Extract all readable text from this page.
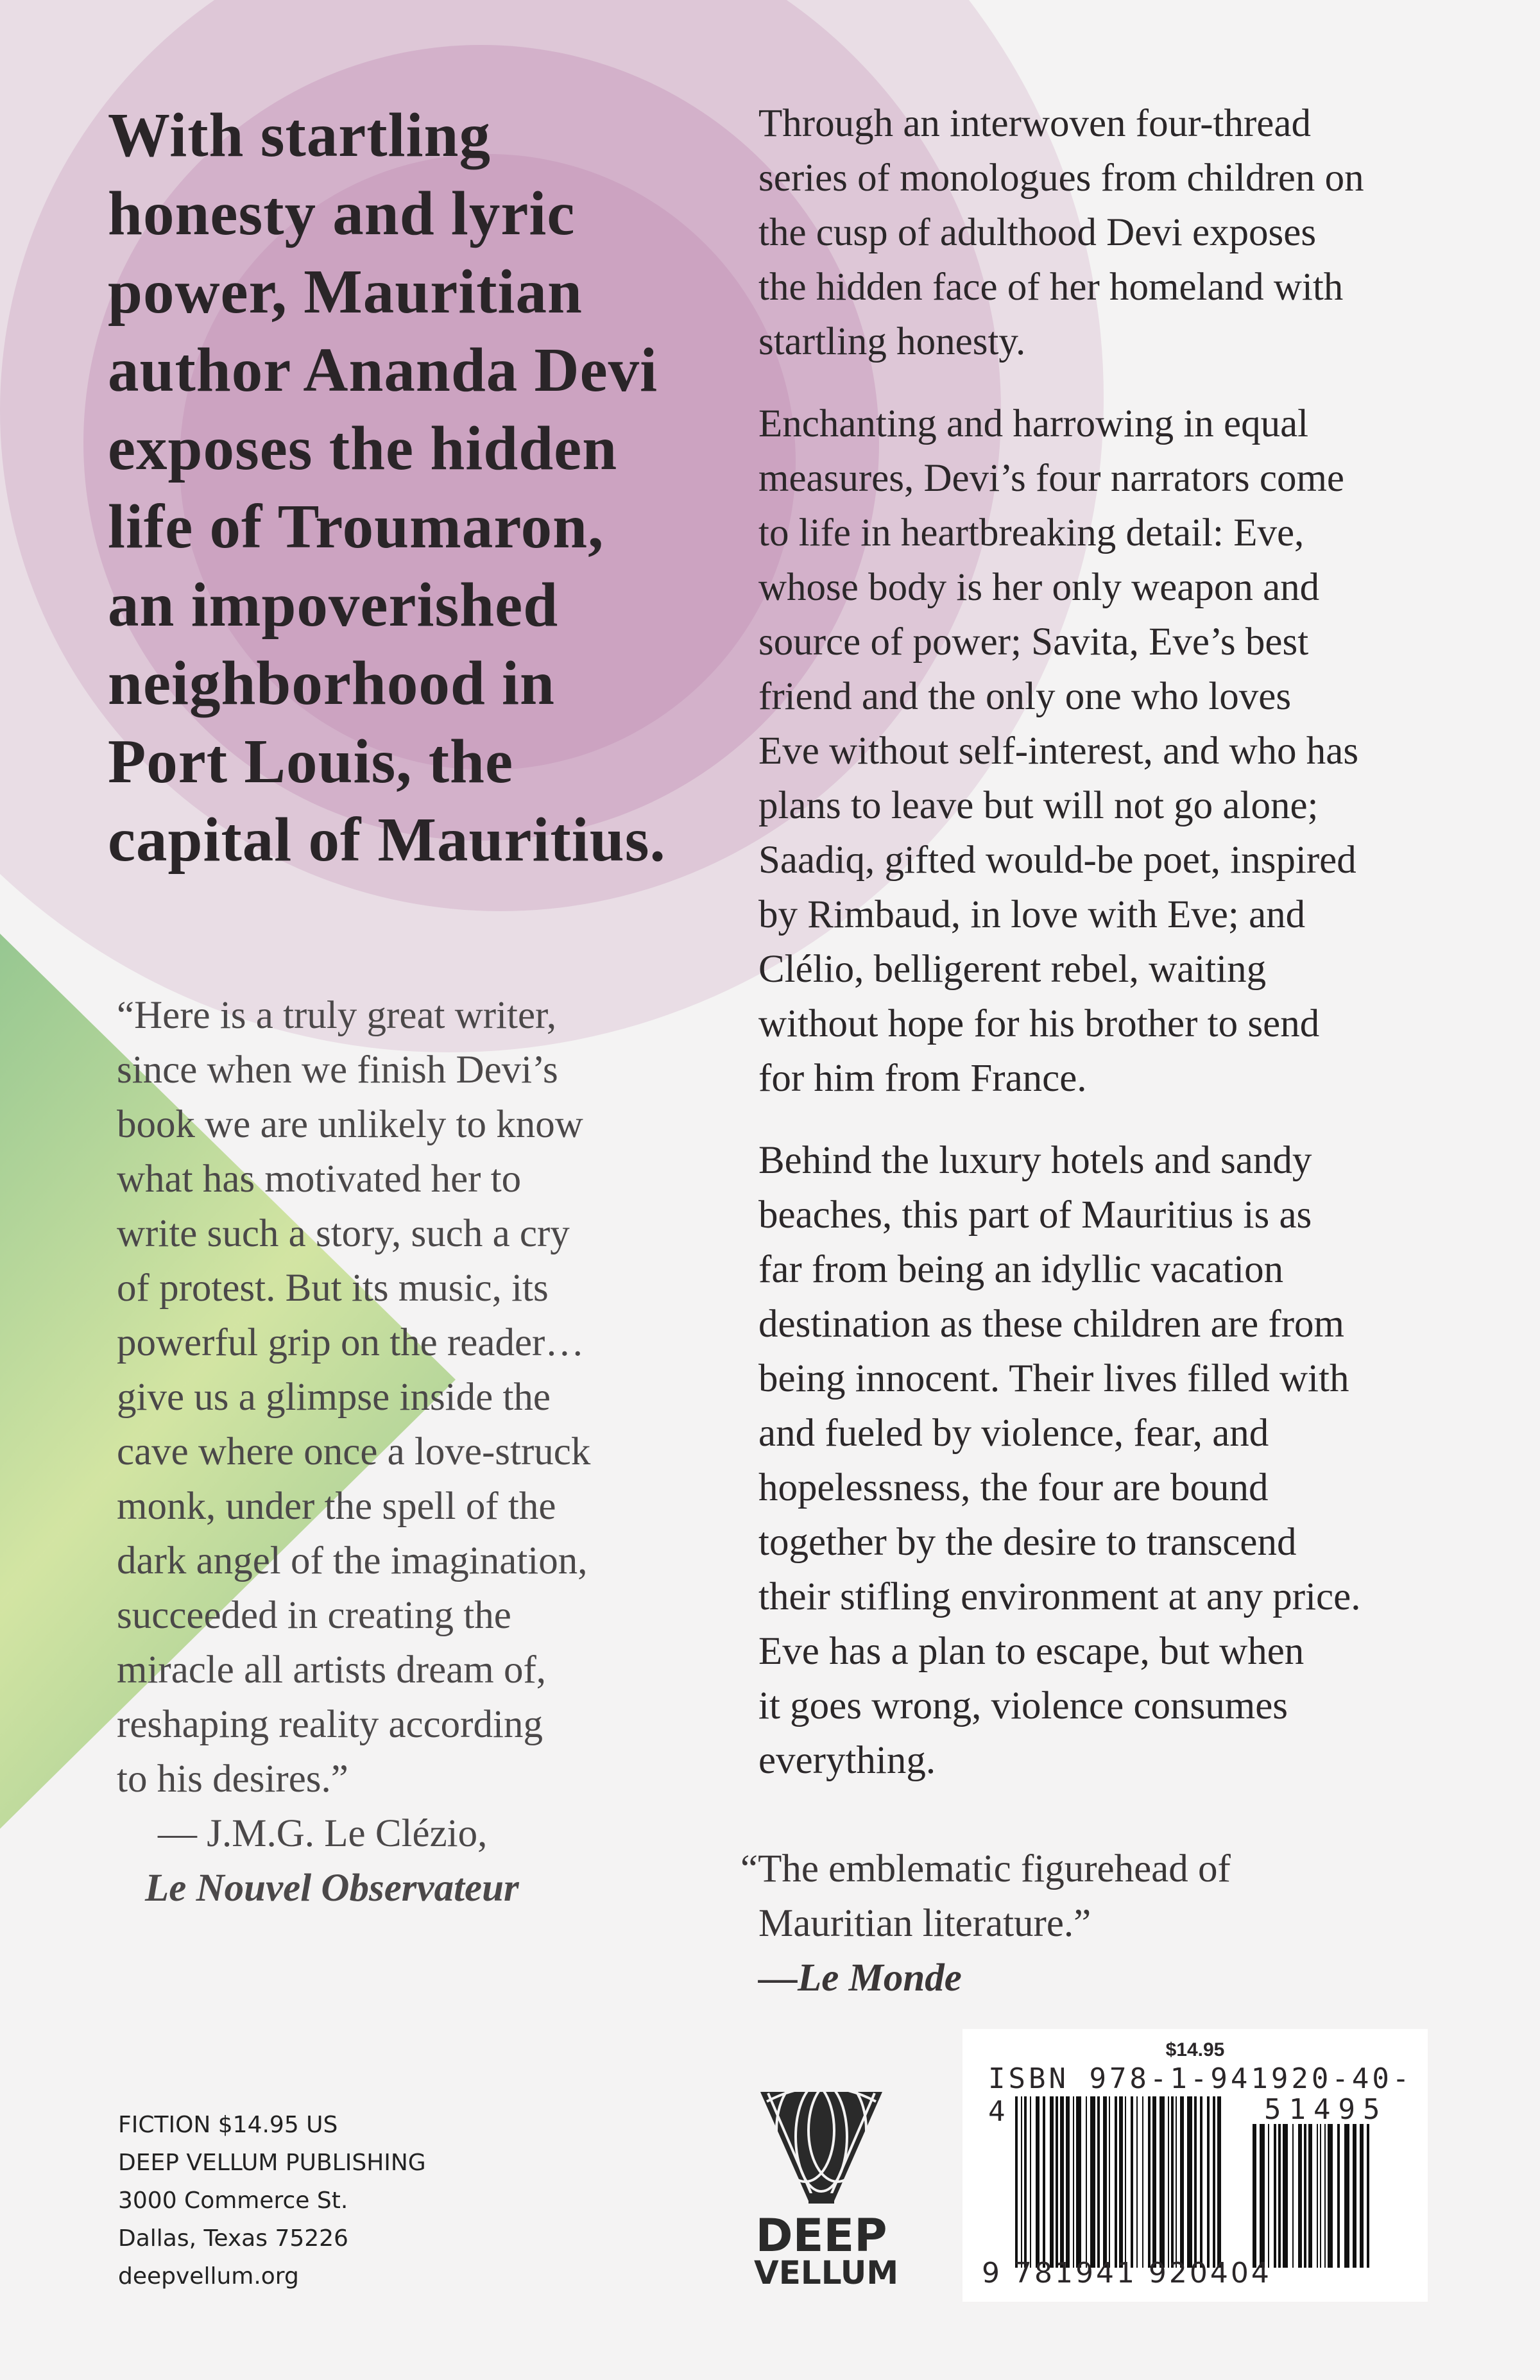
With startling
honesty and lyric
power, Mauritian
author Ananda Devi
exposes the hidden
life of Troumaron,
an impoverished
neighborhood in
Port Louis, the
capital of Mauritius.
Through an interwoven four-thread
series of monologues from children on
the cusp of adulthood Devi exposes
the hidden face of her homeland with
startling honesty.
Enchanting and harrowing in equal
measures, Devi’s four narrators come
to life in heartbreaking detail: Eve,
whose body is her only weapon and
source of power; Savita, Eve’s best
friend and the only one who loves
Eve without self-interest, and who has
plans to leave but will not go alone;
Saadiq, gifted would-be poet, inspired
by Rimbaud, in love with Eve; and
Clélio, belligerent rebel, waiting
without hope for his brother to send
for him from France.
Behind the luxury hotels and sandy
beaches, this part of Mauritius is as
far from being an idyllic vacation
destination as these children are from
being innocent. Their lives filled with
and fueled by violence, fear, and
hopelessness, the four are bound
together by the desire to transcend
their stifling environment at any price.
Eve has a plan to escape, but when
it goes wrong, violence consumes
everything.
“Here is a truly great writer,
since when we finish Devi’s
book we are unlikely to know
what has motivated her to
write such a story, such a cry
of protest. But its music, its
powerful grip on the reader…
give us a glimpse inside the
cave where once a love-struck
monk, under the spell of the
dark angel of the imagination,
succeeded in creating the
miracle all artists dream of,
reshaping reality according
to his desires.”
— J.M.G. Le Clézio,
Le Nouvel Observateur	“The emblematic figurehead of
Mauritian literature.”
—Le Monde
FICTION $14.95 US
DEEP VELLUM PUBLISHING
3000 Commerce St.
Dallas, Texas 75226
deepvellum.org
DEEP
VELLUM
$14.95
ISBN 978-1-941920-40-4	51495
9 781941 920404
